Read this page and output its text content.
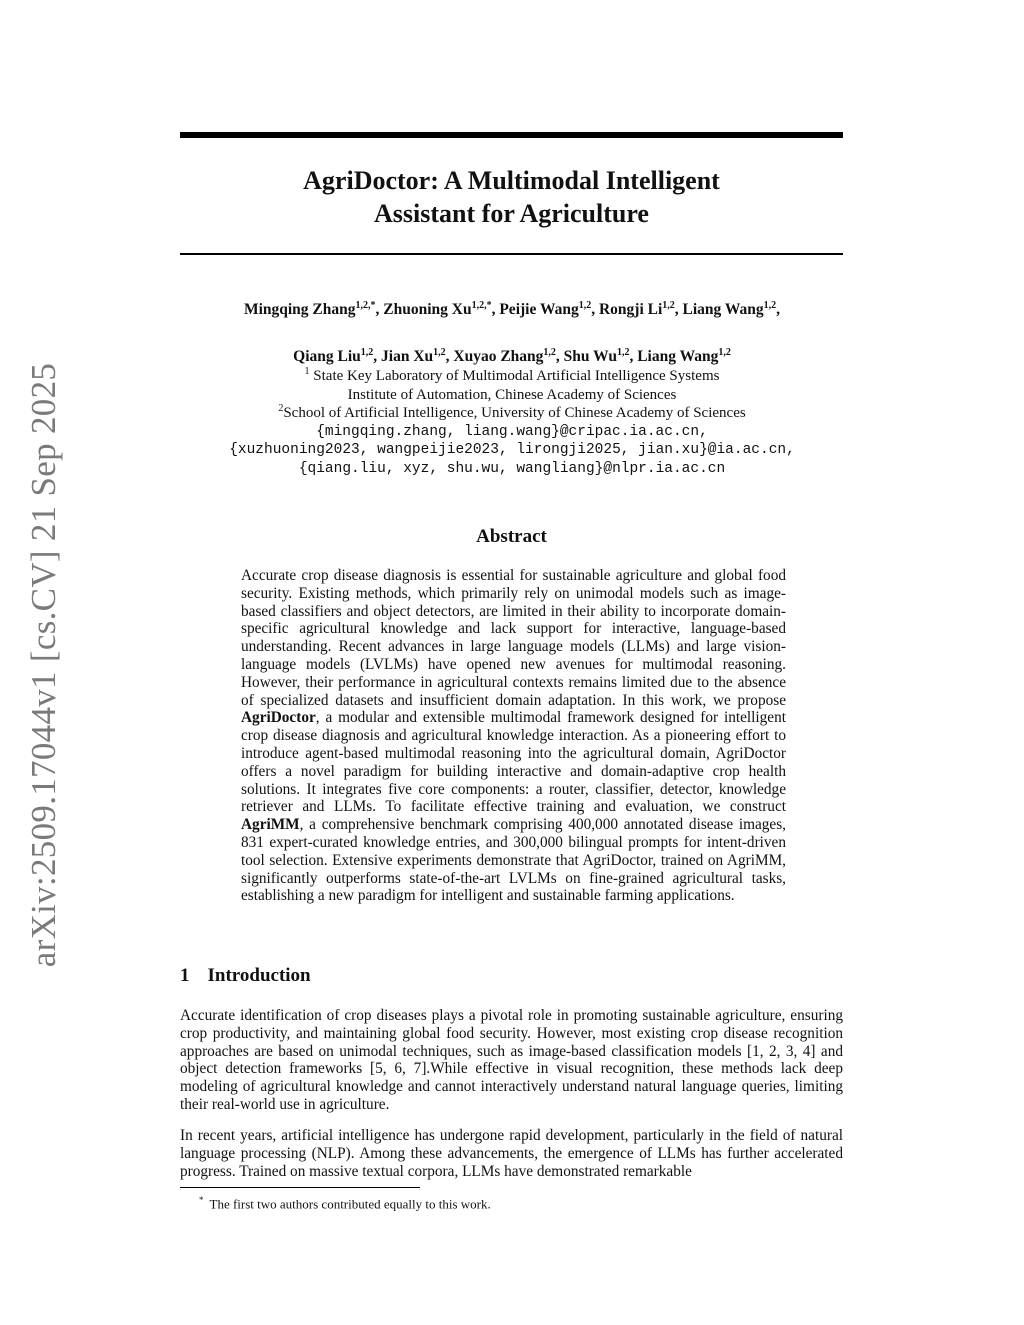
arXiv:2509.17044v1 [cs.CV] 21 Sep 2025
AgriDoctor: A Multimodal Intelligent
Assistant for Agriculture
Mingqing Zhang$^{1,2,*}$, Zhuoning $Xu^{1,2,*}$, Peijie Wang$^{1,2}$, Rongji Li$^{1,2}$, Liang Wang$^{1,2}$,
Qiang Liu$^{1,2}$, Jian Xu$^{1,2}$, Xuyao Zhang$^{1,2}$, Shu Wu$^{1,2}$, Liang Wang$^{1,2}$
$^1$ State Key Laboratory of Multimodal Artificial Intelligence Systems
Institute of Automation, Chinese Academy of Sciences
$^2$School of Artificial Intelligence, University of Chinese Academy of Sciences
{mingqing.zhang, liang.wang}@cripac.ia.ac.cn,
{xuzhuoning2023, wangpeijie2023, lirongji2025, jian.xu}@ia.ac.cn,
{qiang.liu, xyz, shu.wu, wangliang}@nlpr.ia.ac.cn
Abstract
Accurate crop disease diagnosis is essential for sustainable agriculture and global food security. Existing methods, which primarily rely on unimodal models such as image-based classifiers and object detectors, are limited in their ability to incorporate domain-specific agricultural knowledge and lack support for interactive, language-based understanding. Recent advances in large language models (LLMs) and large vision-language models (LVLMs) have opened new avenues for multimodal reasoning. However, their performance in agricultural contexts remains limited due to the absence of specialized datasets and insufficient domain adaptation. In this work, we propose AgriDoctor, a modular and extensible multimodal framework designed for intelligent crop disease diagnosis and agricultural knowledge interaction. As a pioneering effort to introduce agent-based multimodal reasoning into the agricultural domain, AgriDoctor offers a novel paradigm for building interactive and domain-adaptive crop health solutions. It integrates five core components: a router, classifier, detector, knowledge retriever and LLMs. To facilitate effective training and evaluation, we construct AgriMM, a comprehensive benchmark comprising 400,000 annotated disease images, 831 expert-curated knowledge entries, and 300,000 bilingual prompts for intent-driven tool selection. Extensive experiments demonstrate that AgriDoctor, trained on AgriMM, significantly outperforms state-of-the-art LVLMs on fine-grained agricultural tasks, establishing a new paradigm for intelligent and sustainable farming applications.
1 Introduction
Accurate identification of crop diseases plays a pivotal role in promoting sustainable agriculture, ensuring crop productivity, and maintaining global food security. However, most existing crop disease recognition approaches are based on unimodal techniques, such as image-based classification models [1, 2, 3, 4] and object detection frameworks [5, 6, 7].While effective in visual recognition, these methods lack deep modeling of agricultural knowledge and cannot interactively understand natural language queries, limiting their real-world use in agriculture.
In recent years, artificial intelligence has undergone rapid development, particularly in the field of natural language processing (NLP). Among these advancements, the emergence of LLMs has further accelerated progress. Trained on massive textual corpora, LLMs have demonstrated remarkable
* The first two authors contributed equally to this work.
